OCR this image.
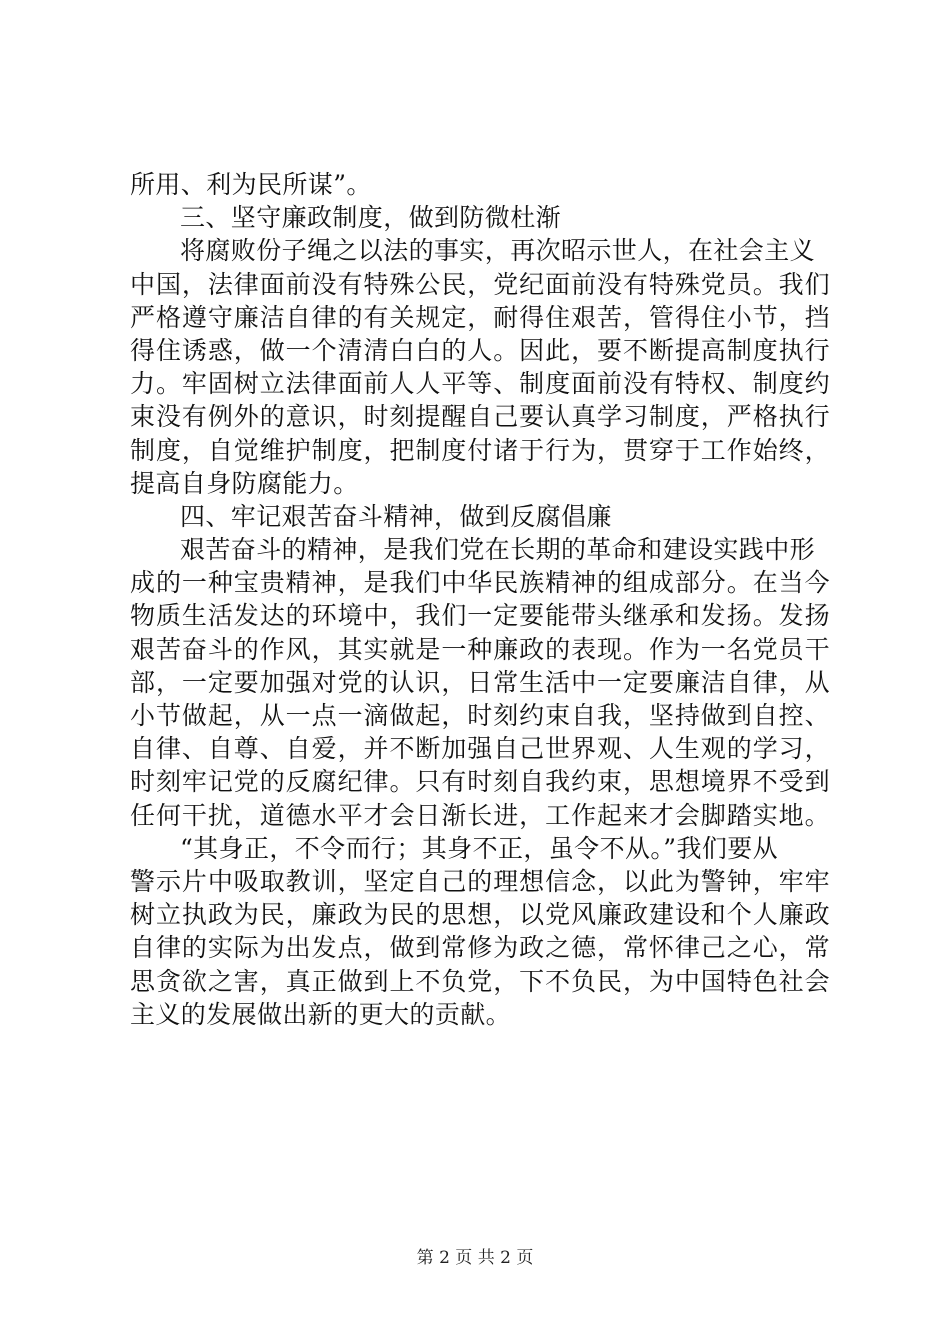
所用、利为民所谋”。
三、坚守廉政制度，做到防微杜渐
将腐败份子绳之以法的事实，再次昭示世人，在社会主义
中国，法律面前没有特殊公民，党纪面前没有特殊党员。我们
严格遵守廉洁自律的有关规定，耐得住艰苦，管得住小节，挡
得住诱惑，做一个清清白白的人。因此，要不断提高制度执行
力。牢固树立法律面前人人平等、制度面前没有特权、制度约
束没有例外的意识，时刻提醒自己要认真学习制度，严格执行
制度，自觉维护制度，把制度付诸于行为，贯穿于工作始终，
提高自身防腐能力。
四、牢记艰苦奋斗精神，做到反腐倡廉
艰苦奋斗的精神，是我们党在长期的革命和建设实践中形
成的一种宝贵精神，是我们中华民族精神的组成部分。在当今
物质生活发达的环境中，我们一定要能带头继承和发扬。发扬
艰苦奋斗的作风，其实就是一种廉政的表现。作为一名党员干
部，一定要加强对党的认识，日常生活中一定要廉洁自律，从
小节做起，从一点一滴做起，时刻约束自我，坚持做到自控、
自律、自尊、自爱，并不断加强自己世界观、人生观的学习，
时刻牢记党的反腐纪律。只有时刻自我约束，思想境界不受到
任何干扰，道德水平才会日渐长进，工作起来才会脚踏实地。
“其身正，不令而行；其身不正，虽令不从。”我们要从
警示片中吸取教训，坚定自己的理想信念，以此为警钟，牢牢
树立执政为民，廉政为民的思想，以党风廉政建设和个人廉政
自律的实际为出发点，做到常修为政之德，常怀律己之心，常
思贪欲之害，真正做到上不负党，下不负民，为中国特色社会
主义的发展做出新的更大的贡献。
第 2 页 共 2 页
